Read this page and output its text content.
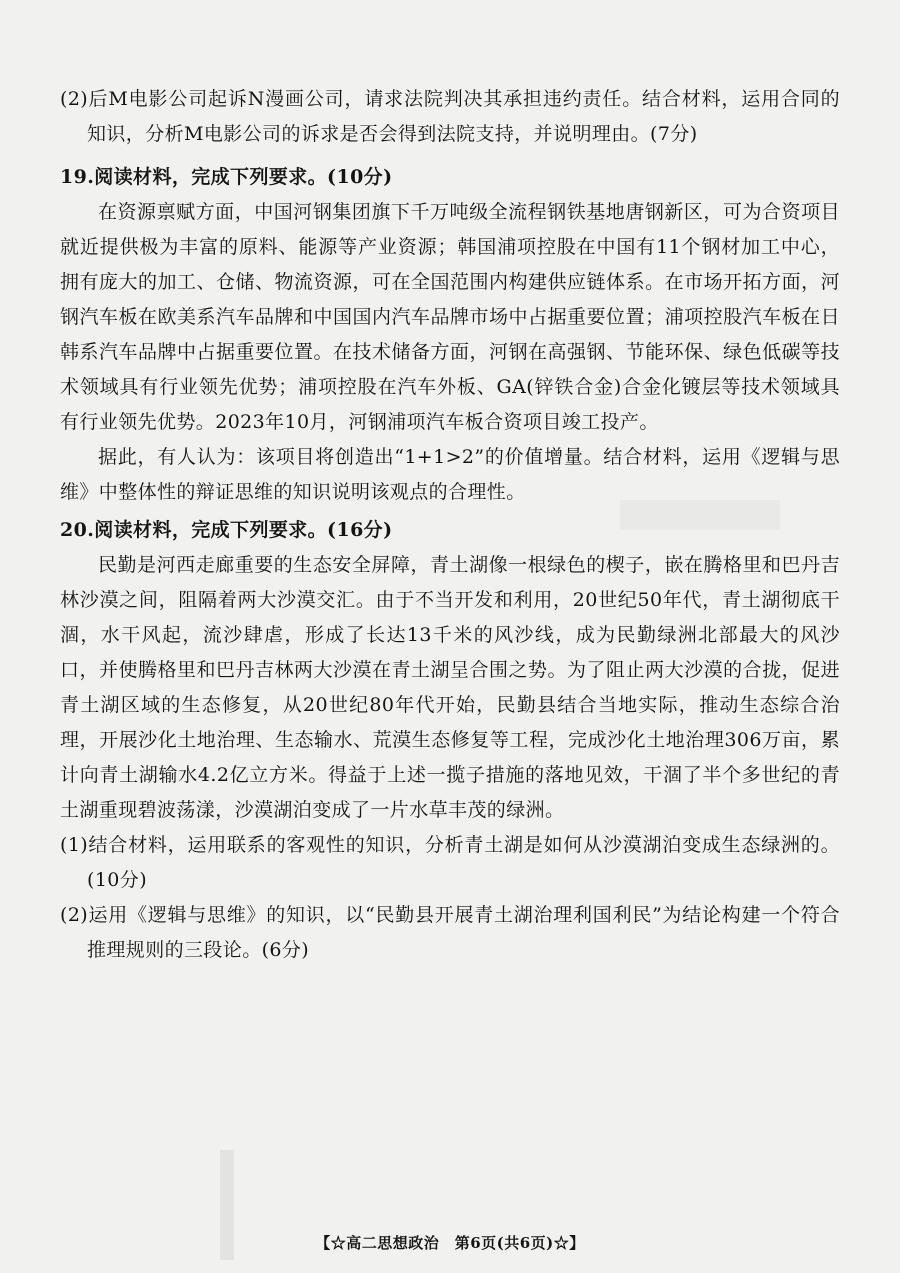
(2)后M电影公司起诉N漫画公司，请求法院判决其承担违约责任。结合材料，运用合同的知识，分析M电影公司的诉求是否会得到法院支持，并说明理由。(7分)

19.阅读材料，完成下列要求。(10分)

在资源禀赋方面，中国河钢集团旗下千万吨级全流程钢铁基地唐钢新区，可为合资项目就近提供极为丰富的原料、能源等产业资源；韩国浦项控股在中国有11个钢材加工中心，拥有庞大的加工、仓储、物流资源，可在全国范围内构建供应链体系。在市场开拓方面，河钢汽车板在欧美系汽车品牌和中国国内汽车品牌市场中占据重要位置；浦项控股汽车板在日韩系汽车品牌中占据重要位置。在技术储备方面，河钢在高强钢、节能环保、绿色低碳等技术领域具有行业领先优势；浦项控股在汽车外板、GA(锌铁合金)合金化镀层等技术领域具有行业领先优势。2023年10月，河钢浦项汽车板合资项目竣工投产。

据此，有人认为：该项目将创造出“1+1>2”的价值增量。结合材料，运用《逻辑与思维》中整体性的辩证思维的知识说明该观点的合理性。

20.阅读材料，完成下列要求。(16分)

民勤是河西走廊重要的生态安全屏障，青土湖像一根绿色的楔子，嵌在腾格里和巴丹吉林沙漠之间，阻隔着两大沙漠交汇。由于不当开发和利用，20世纪50年代，青土湖彻底干涸，水干风起，流沙肆虐，形成了长达13千米的风沙线，成为民勤绿洲北部最大的风沙口，并使腾格里和巴丹吉林两大沙漠在青土湖呈合围之势。为了阻止两大沙漠的合拢，促进青土湖区域的生态修复，从20世纪80年代开始，民勤县结合当地实际，推动生态综合治理，开展沙化土地治理、生态输水、荒漠生态修复等工程，完成沙化土地治理306万亩，累计向青土湖输水4.2亿立方米。得益于上述一揽子措施的落地见效，干涸了半个多世纪的青土湖重现碧波荡漾，沙漠湖泊变成了一片水草丰茂的绿洲。

(1)结合材料，运用联系的客观性的知识，分析青土湖是如何从沙漠湖泊变成生态绿洲的。(10分)

(2)运用《逻辑与思维》的知识，以“民勤县开展青土湖治理利国利民”为结论构建一个符合推理规则的三段论。(6分)

【☆高二思想政治　第6页(共6页)☆】
